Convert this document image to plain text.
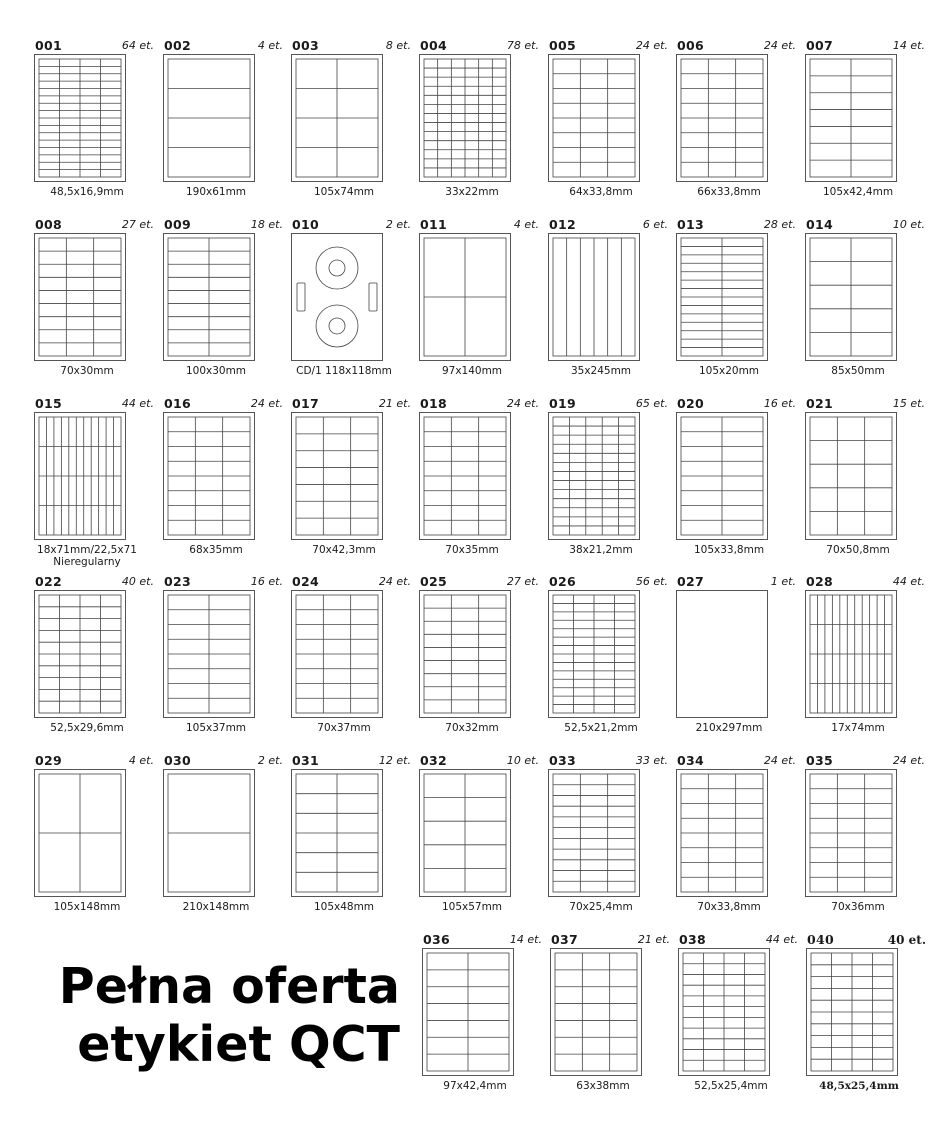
001	64 et.
48,5x16,9mm
002	4 et.
190x61mm
003	8 et.
105x74mm
004	78 et.
33x22mm
005	24 et.
64x33,8mm
006	24 et.
66x33,8mm
007	14 et.
105x42,4mm
008	27 et.
70x30mm
009	18 et.
100x30mm
010	2 et.
CD/1 118x118mm
011	4 et.
97x140mm
012	6 et.
35x245mm
013	28 et.
105x20mm
014	10 et.
85x50mm
015	44 et.
18x71mm/22,5x71
Nieregularny
016	24 et.
68x35mm
017	21 et.
70x42,3mm
018	24 et.
70x35mm
019	65 et.
38x21,2mm
020	16 et.
105x33,8mm
021	15 et.
70x50,8mm
022	40 et.
52,5x29,6mm
023	16 et.
105x37mm
024	24 et.
70x37mm
025	27 et.
70x32mm
026	56 et.
52,5x21,2mm
027	1 et.
210x297mm
028	44 et.
17x74mm
029	4 et.
105x148mm
030	2 et.
210x148mm
031	12 et.
105x48mm
032	10 et.
105x57mm
033	33 et.
70x25,4mm
034	24 et.
70x33,8mm
035	24 et.
70x36mm
036	14 et.
97x42,4mm
037	21 et.
63x38mm
038	44 et.
52,5x25,4mm
040	40 et.
48,5x25,4mm
Pełna oferta
etykiet QCT
